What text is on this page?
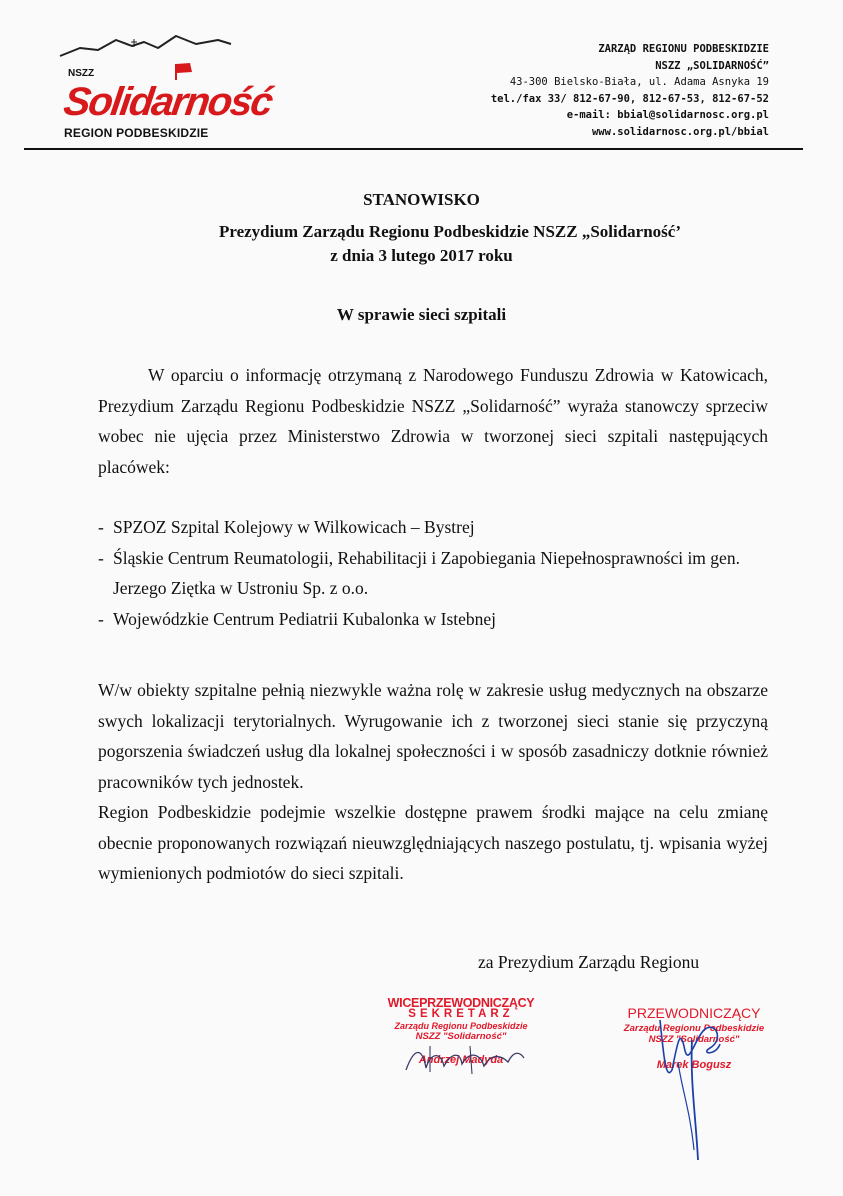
NSZZ
Solidarność
REGION PODBESKIDZIE
ZARZĄD REGIONU PODBESKIDZIE
NSZZ „SOLIDARNOŚĆ”
43-300 Bielsko-Biała, ul. Adama Asnyka 19
tel./fax 33/ 812-67-90, 812-67-53, 812-67-52
e-mail: bbial@solidarnosc.org.pl
www.solidarnosc.org.pl/bbial
STANOWISKO
Prezydium Zarządu Regionu Podbeskidzie NSZZ „Solidarność’
z dnia 3 lutego 2017 roku
W sprawie sieci szpitali
W oparciu o informację otrzymaną z Narodowego Funduszu Zdrowia w Katowicach, Prezydium Zarządu Regionu Podbeskidzie NSZZ „Solidarność” wyraża stanowczy sprzeciw wobec nie ujęcia przez Ministerstwo Zdrowia w tworzonej sieci szpitali następujących placówek:
- SPZOZ Szpital Kolejowy w Wilkowicach – Bystrej
- Śląskie Centrum Reumatologii, Rehabilitacji i Zapobiegania Niepełnosprawności im gen. Jerzego Ziętka w Ustroniu Sp. z o.o.
- Wojewódzkie Centrum Pediatrii Kubalonka w Istebnej

W/w obiekty szpitalne pełnią niezwykle ważna rolę w zakresie usług medycznych na obszarze swych lokalizacji terytorialnych. Wyrugowanie ich z tworzonej sieci stanie się przyczyną pogorszenia świadczeń usług dla lokalnej społeczności i w sposób zasadniczy dotknie również pracowników tych jednostek.

Region Podbeskidzie podejmie wszelkie dostępne prawem środki mające na celu zmianę obecnie proponowanych rozwiązań nieuwzględniających naszego postulatu, tj. wpisania wyżej wymienionych podmiotów do sieci szpitali.

za Prezydium Zarządu Regionu
WICEPRZEWODNICZĄCY
SEKRETARZ
Zarządu Regionu Podbeskidzie
NSZZ "Solidarność"
Andrzej Madyda
PRZEWODNICZĄCY
Zarządu Regionu Podbeskidzie
NSZZ "Solidarność"
Marek Bogusz
